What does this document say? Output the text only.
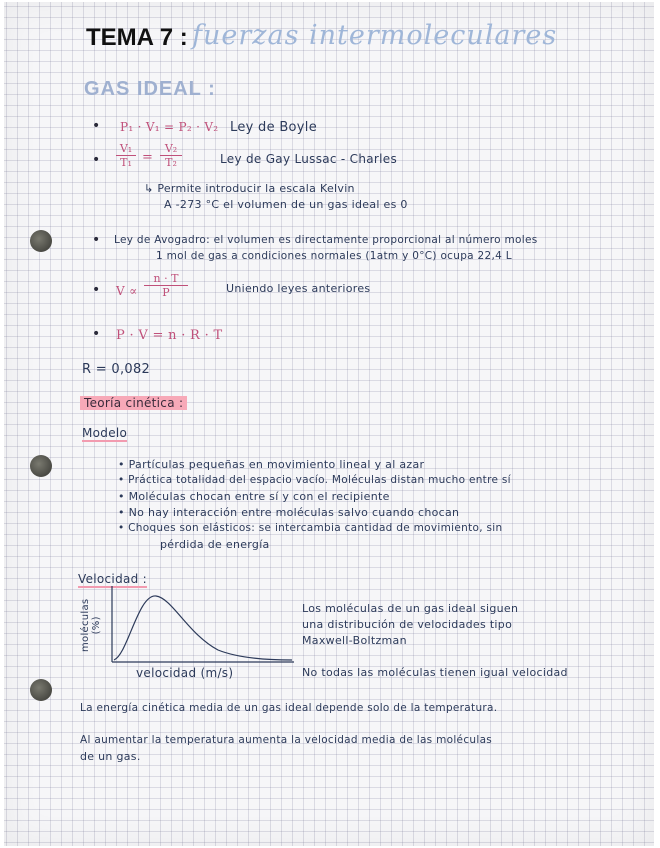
TEMA 7 : fuerzas intermoleculares
GAS IDEAL :
• P₁ · V₁ = P₂ · V₂ Ley de Boyle
• $\frac{\text{V₁}}{\text{T₁}} = \frac{\text{V₂}}{\text{T₂}}$	Ley de Gay Lussac - Charles
↳ Permite introducir la escala Kelvin
A -273 °C el volumen de un gas ideal es 0
• Ley de Avogadro: el volumen es directamente proporcional al número moles
1 mol de gas a condiciones normales (1atm y 0°C) ocupa 22,4 L
• $V \propto \frac{n \cdot T}{P}$	Uniendo leyes anteriores
• P · V = n · R · T
R = 0,082
Teoría cinética :
Modelo
• Partículas pequeñas en movimiento lineal y al azar
• Práctica totalidad del espacio vacío. Moléculas distan mucho entre sí
• Moléculas chocan entre sí y con el recipiente
• No hay interacción entre moléculas salvo cuando chocan
• Choques son elásticos: se intercambia cantidad de movimiento, sin
pérdida de energía
Velocidad :
moléculas (%)
velocidad (m/s)
Los moléculas de un gas ideal siguen
una distribución de velocidades tipo
Maxwell-Boltzman
No todas las moléculas tienen igual velocidad
La energía cinética media de un gas ideal depende solo de la temperatura.
Al aumentar la temperatura aumenta la velocidad media de las moléculas
de un gas.
